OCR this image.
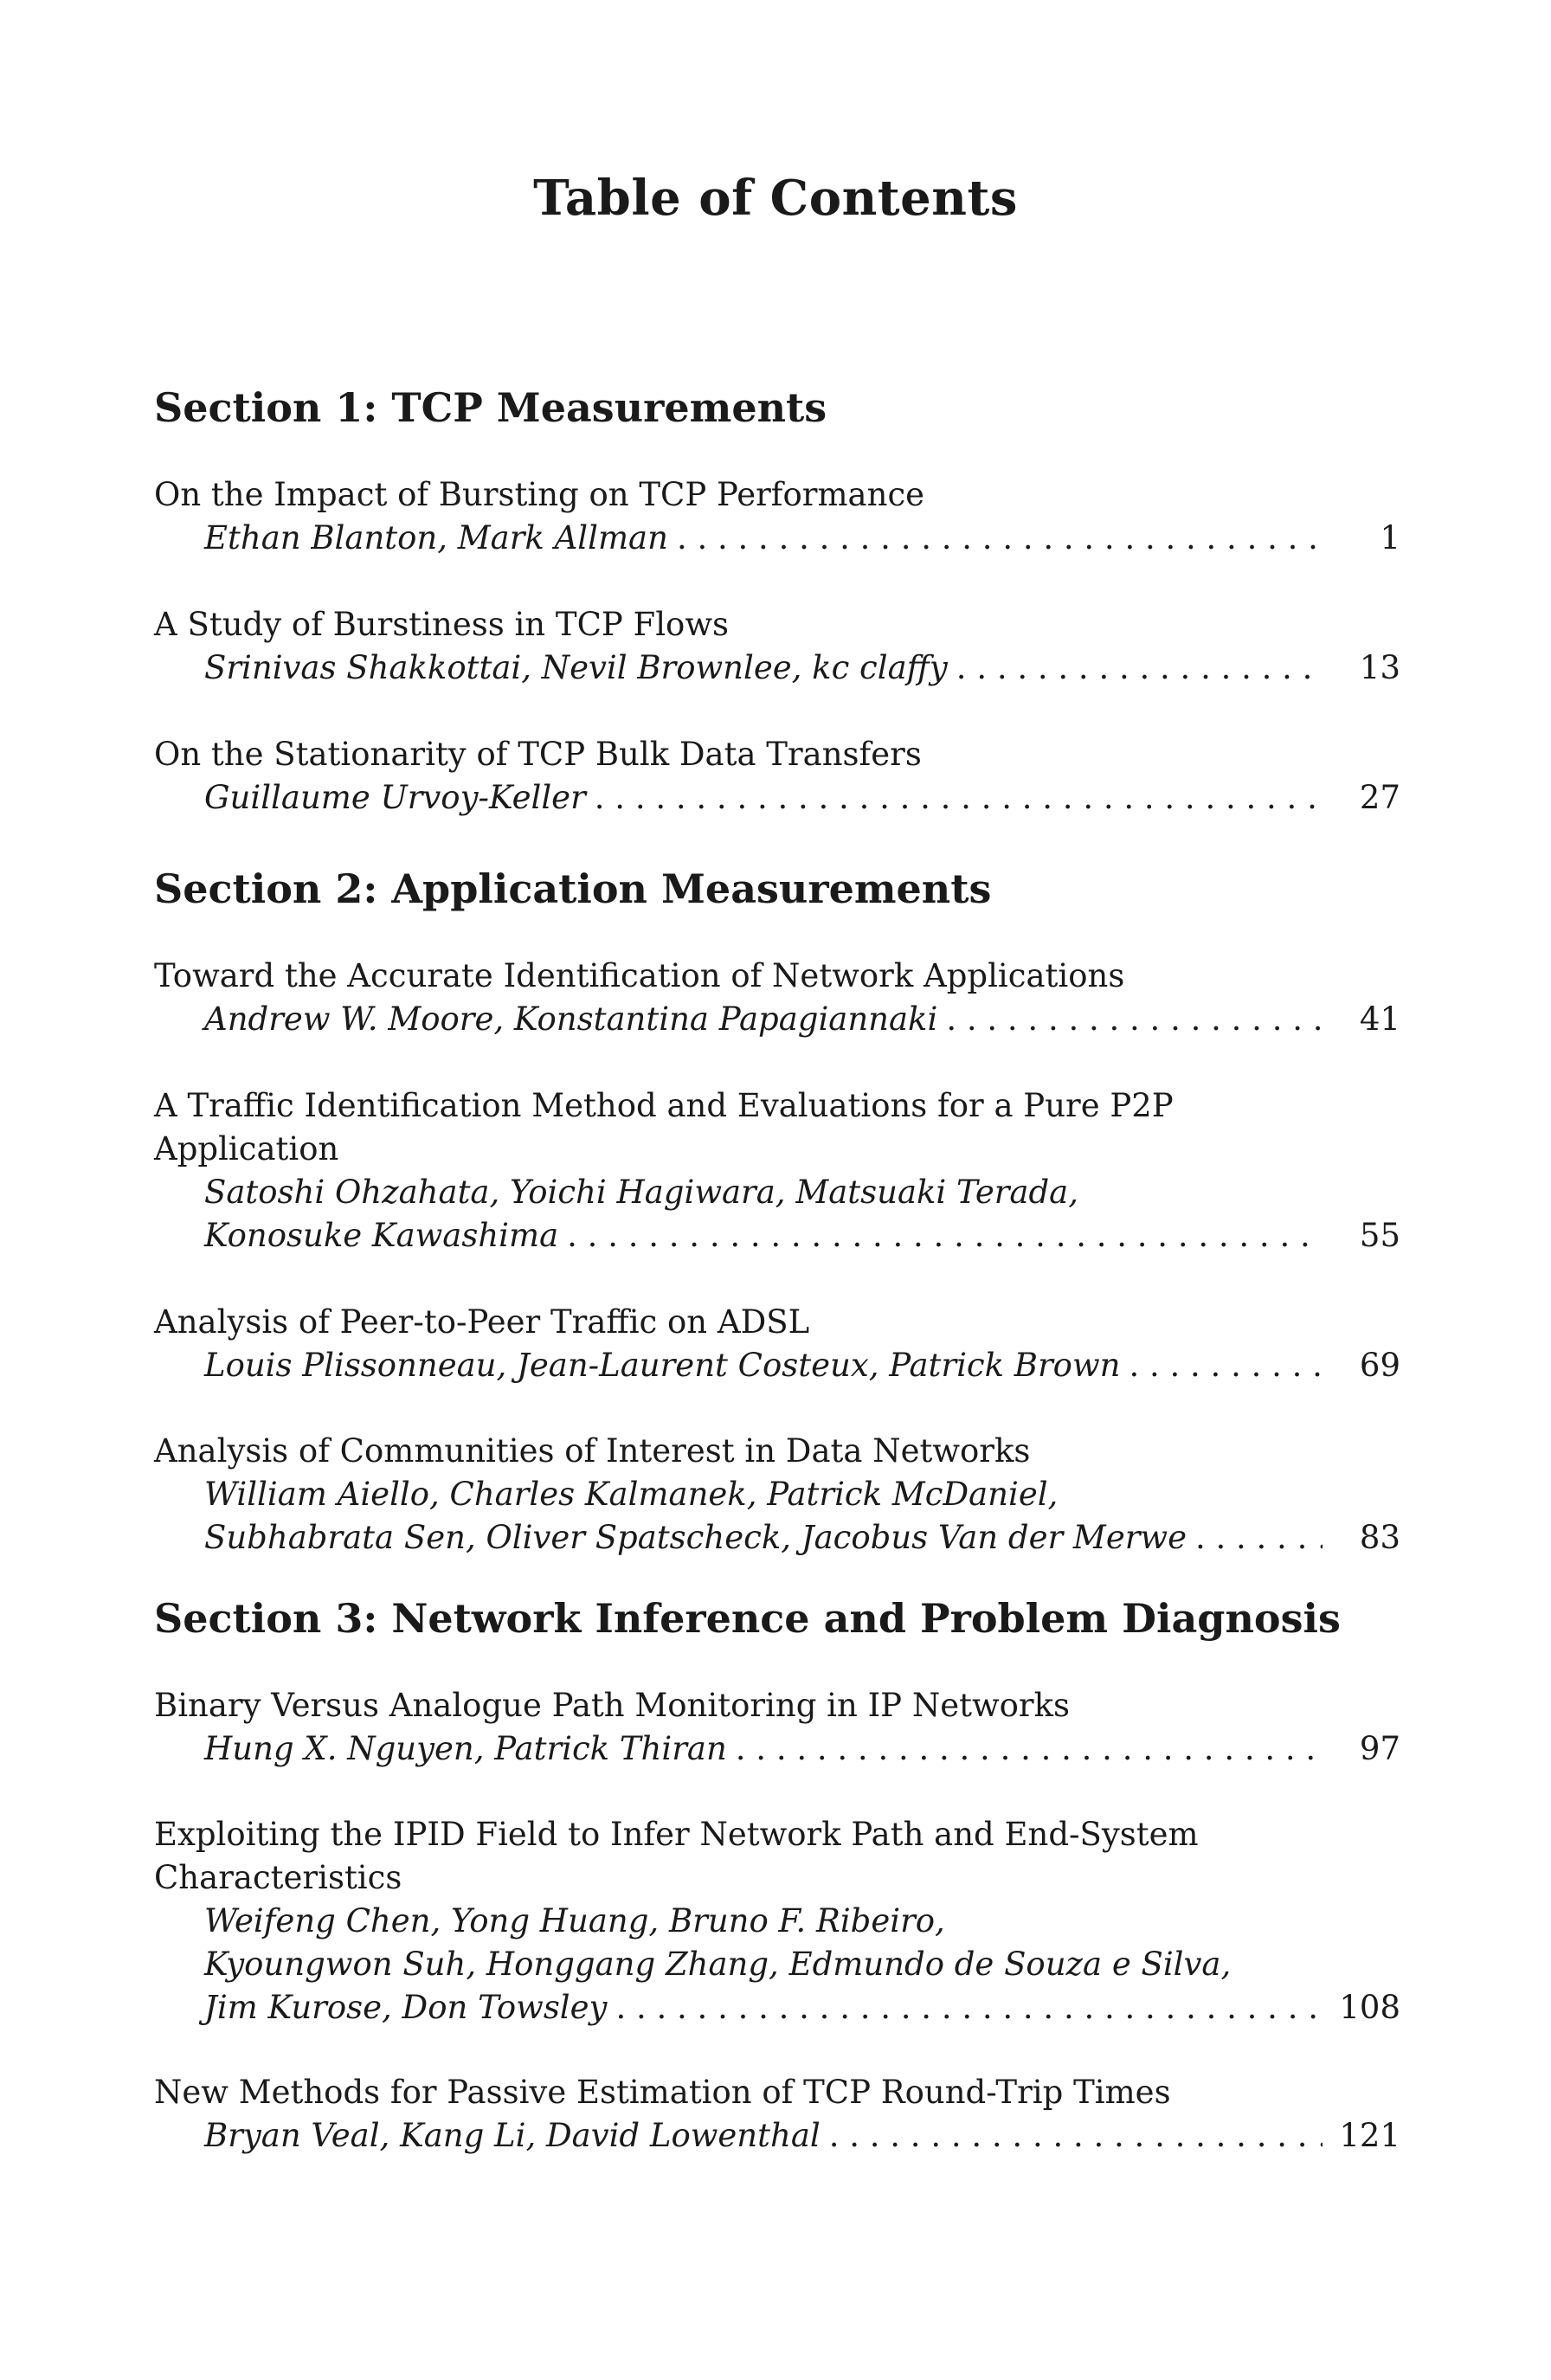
Table of Contents
Section 1: TCP Measurements
On the Impact of Bursting on TCP Performance
Ethan Blanton, Mark Allman . . .	1
A Study of Burstiness in TCP Flows
Srinivas Shakkottai, Nevil Brownlee, kc claffy . . .	13
On the Stationarity of TCP Bulk Data Transfers
Guillaume Urvoy-Keller . . .	27
Section 2: Application Measurements
Toward the Accurate Identification of Network Applications
Andrew W. Moore, Konstantina Papagiannaki . . .	41
A Traffic Identification Method and Evaluations for a Pure P2P
Application
Satoshi Ohzahata, Yoichi Hagiwara, Matsuaki Terada,
Konosuke Kawashima . . .	55
Analysis of Peer-to-Peer Traffic on ADSL
Louis Plissonneau, Jean-Laurent Costeux, Patrick Brown . . .	69
Analysis of Communities of Interest in Data Networks
William Aiello, Charles Kalmanek, Patrick McDaniel,
Subhabrata Sen, Oliver Spatscheck, Jacobus Van der Merwe . . .	83
Section 3: Network Inference and Problem Diagnosis
Binary Versus Analogue Path Monitoring in IP Networks
Hung X. Nguyen, Patrick Thiran . . .	97
Exploiting the IPID Field to Infer Network Path and End-System
Characteristics
Weifeng Chen, Yong Huang, Bruno F. Ribeiro,
Kyoungwon Suh, Honggang Zhang, Edmundo de Souza e Silva,
Jim Kurose, Don Towsley . . .	108
New Methods for Passive Estimation of TCP Round-Trip Times
Bryan Veal, Kang Li, David Lowenthal . . .	121
